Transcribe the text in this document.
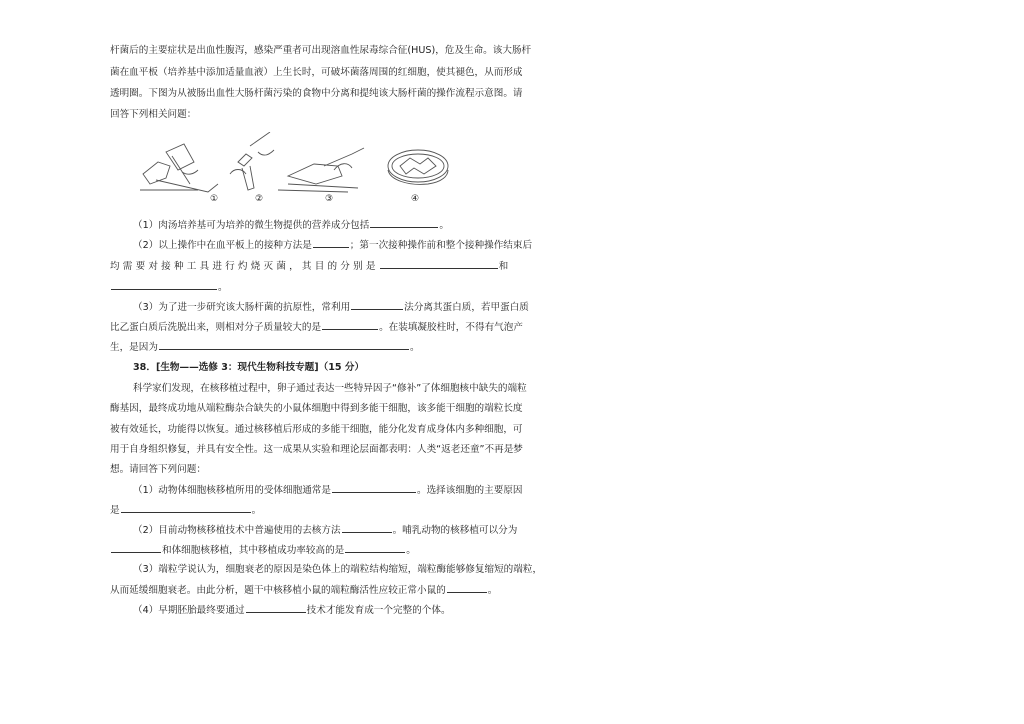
杆菌后的主要症状是出血性腹泻，感染严重者可出现溶血性尿毒综合征(HUS)，危及生命。该大肠杆
菌在血平板（培养基中添加适量血液）上生长时，可破坏菌落周围的红细胞，使其褪色，从而形成
透明圈。下图为从被肠出血性大肠杆菌污染的食物中分离和提纯该大肠杆菌的操作流程示意图。请
回答下列相关问题：
①	②	③	④
（1）肉汤培养基可为培养的微生物提供的营养成分包括	。
（2）以上操作中在血平板上的接种方法是	；第一次接种操作前和整个接种操作结束后
均需要对接种工具进行灼烧灭菌，其目的分别是	和
。
（3）为了进一步研究该大肠杆菌的抗原性，常利用	法分离其蛋白质，若甲蛋白质
比乙蛋白质后洗脱出来，则相对分子质量较大的是	。在装填凝胶柱时，不得有气泡产
生，是因为	。
38．[生物——选修 3：现代生物科技专题]（15 分）
科学家们发现，在核移植过程中，卵子通过表达一些特异因子“修补”了体细胞核中缺失的端粒
酶基因，最终成功地从端粒酶杂合缺失的小鼠体细胞中得到多能干细胞，该多能干细胞的端粒长度
被有效延长，功能得以恢复。通过核移植后形成的多能干细胞，能分化发育成身体内多种细胞，可
用于自身组织修复，并具有安全性。这一成果从实验和理论层面都表明：人类“返老还童”不再是梦
想。请回答下列问题：
（1）动物体细胞核移植所用的受体细胞通常是	。选择该细胞的主要原因
是	。
（2）目前动物核移植技术中普遍使用的去核方法	。哺乳动物的核移植可以分为
和体细胞核移植，其中移植成功率较高的是	。
（3）端粒学说认为，细胞衰老的原因是染色体上的端粒结构缩短，端粒酶能够修复缩短的端粒，
从而延缓细胞衰老。由此分析，题干中核移植小鼠的端粒酶活性应较正常小鼠的	。
（4）早期胚胎最终要通过	技术才能发育成一个完整的个体。
